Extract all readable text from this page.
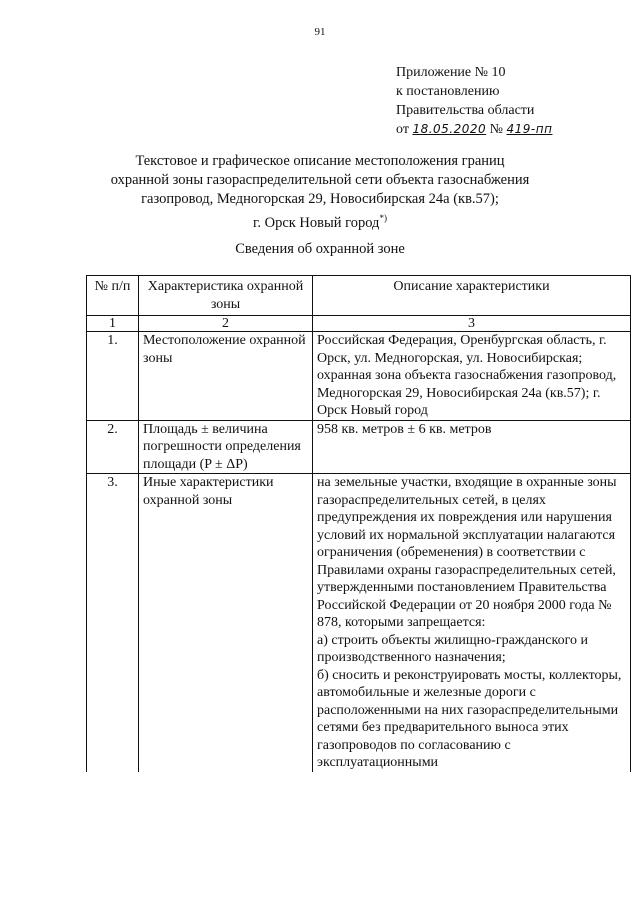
91
Приложение № 10
к постановлению
Правительства области
от 18.05.2020 № 419-пп
Текстовое и графическое описание местоположения границ
охранной зоны газораспределительной сети объекта газоснабжения
газопровод, Медногорская 29, Новосибирская 24а (кв.57);
г. Орск Новый город*)
Сведения об охранной зоне
№ п/п	Характеристика охранной зоны	Описание характеристики
1	2	3
1.	Местоположение охранной зоны	Российская Федерация, Оренбургская область, г. Орск, ул. Медногорская, ул. Новосибирская; охранная зона объекта газоснабжения газопровод, Медногорская 29, Новосибирская 24а (кв.57); г. Орск Новый город
2.	Площадь ± величина погрешности определения площади (P ± ΔP)	958 кв. метров ± 6 кв. метров
3.	Иные характеристики охранной зоны	на земельные участки, входящие в охранные зоны газораспределительных сетей, в целях предупреждения их повреждения или нарушения условий их нормальной эксплуатации налагаются ограничения (обременения) в соответствии с Правилами охраны газораспределительных сетей, утвержденными постановлением Правительства Российской Федерации от 20 ноября 2000 года № 878, которыми запрещается:
а) строить объекты жилищно-гражданского и производственного назначения;
б) сносить и реконструировать мосты, коллекторы, автомобильные и железные дороги с расположенными на них газораспределительными сетями без предварительного выноса этих газопроводов по согласованию с эксплуатационными
